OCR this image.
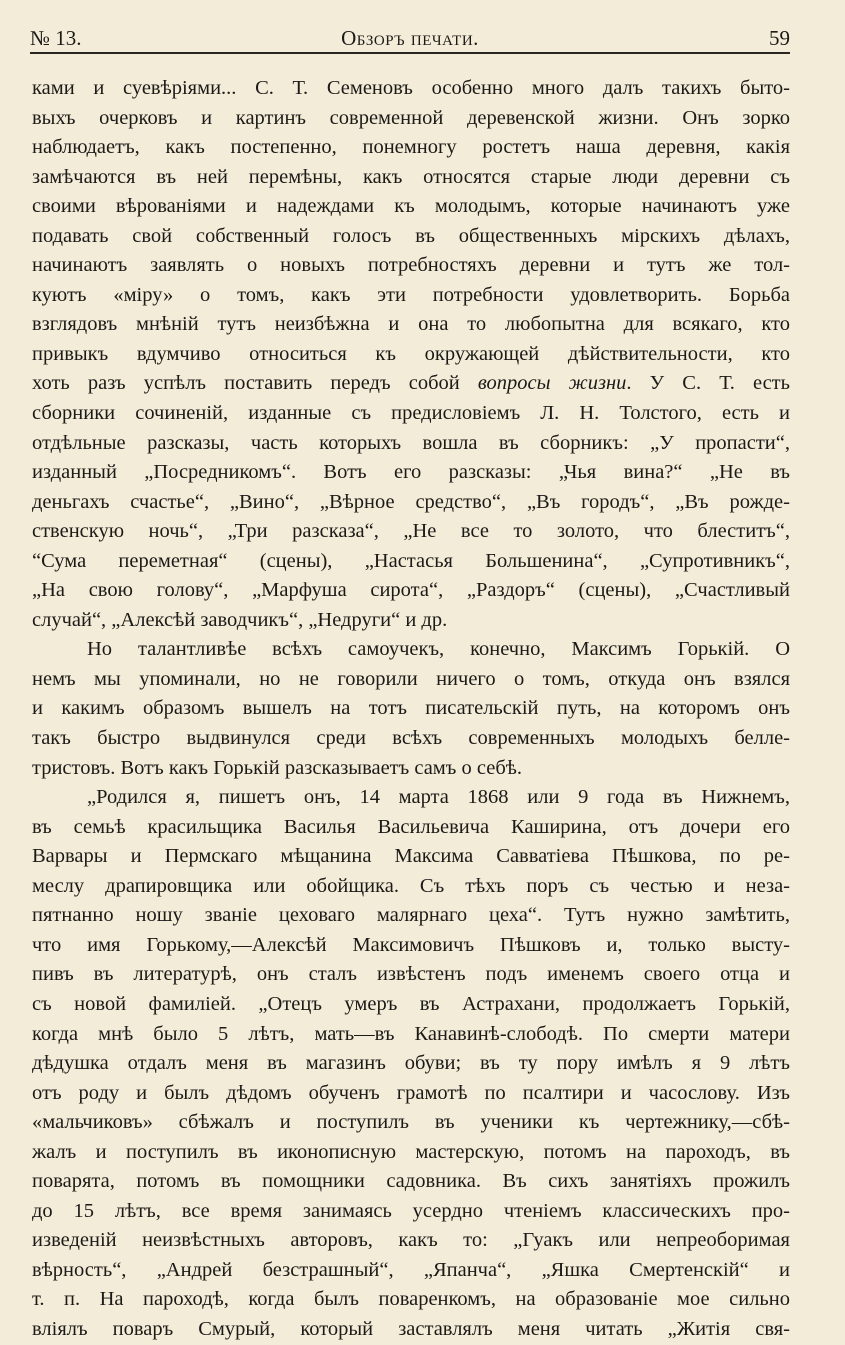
№ 13.	Обзоръ печати.	59
ками и суевѣріями... С. Т. Семеновъ особенно много далъ такихъ быто-
выхъ очерковъ и картинъ современной деревенской жизни. Онъ зорко
наблюдаетъ, какъ постепенно, понемногу ростетъ наша деревня, какія
замѣчаются въ ней перемѣны, какъ относятся старые люди деревни съ
своими вѣрованіями и надеждами къ молодымъ, которые начинаютъ уже
подавать свой собственный голосъ въ общественныхъ мірскихъ дѣлахъ,
начинаютъ заявлять о новыхъ потребностяхъ деревни и тутъ же тол-
куютъ «міру» о томъ, какъ эти потребности удовлетворить. Борьба
взглядовъ мнѣній тутъ неизбѣжна и она то любопытна для всякаго, кто
привыкъ вдумчиво относиться къ окружающей дѣйствительности, кто
хоть разъ успѣлъ поставить передъ собой вопросы жизни. У С. Т. есть
сборники сочиненій, изданные съ предисловіемъ Л. Н. Толстого, есть и
отдѣльные разсказы, часть которыхъ вошла въ сборникъ: „У пропасти“,
изданный „Посредникомъ“. Вотъ его разсказы: „Чья вина?“ „Не въ
деньгахъ счастье“, „Вино“, „Вѣрное средство“, „Въ городъ“, „Въ рожде-
ственскую ночь“, „Три разсказа“, „Не все то золото, что блеститъ“,
“Сума переметная“ (сцены), „Настасья Большенина“, „Супротивникъ“,
„На свою голову“, „Марфуша сирота“, „Раздоръ“ (сцены), „Счастливый
случай“, „Алексѣй заводчикъ“, „Недруги“ и др.
Но талантливѣе всѣхъ самоучекъ, конечно, Максимъ Горькій. О
немъ мы упоминали, но не говорили ничего о томъ, откуда онъ взялся
и какимъ образомъ вышелъ на тотъ писательскій путь, на которомъ онъ
такъ быстро выдвинулся среди всѣхъ современныхъ молодыхъ белле-
тристовъ. Вотъ какъ Горькій разсказываетъ самъ о себѣ.
„Родился я, пишетъ онъ, 14 марта 1868 или 9 года въ Нижнемъ,
въ семьѣ красильщика Василья Васильевича Каширина, отъ дочери его
Варвары и Пермскаго мѣщанина Максима Савватіева Пѣшкова, по ре-
меслу драпировщика или обойщика. Съ тѣхъ поръ съ честью и неза-
пятнанно ношу званіе цеховаго малярнаго цеха“. Тутъ нужно замѣтить,
что имя Горькому,—Алексѣй Максимовичъ Пѣшковъ и, только высту-
пивъ въ литературѣ, онъ сталъ извѣстенъ подъ именемъ своего отца и
съ новой фамиліей. „Отецъ умеръ въ Астрахани, продолжаетъ Горькій,
когда мнѣ было 5 лѣтъ, мать—въ Канавинѣ-слободѣ. По смерти матери
дѣдушка отдалъ меня въ магазинъ обуви; въ ту пору имѣлъ я 9 лѣтъ
отъ роду и былъ дѣдомъ обученъ грамотѣ по псалтири и часослову. Изъ
«мальчиковъ» сбѣжалъ и поступилъ въ ученики къ чертежнику,—сбѣ-
жалъ и поступилъ въ иконописную мастерскую, потомъ на пароходъ, въ
поварята, потомъ въ помощники садовника. Въ сихъ занятіяхъ прожилъ
до 15 лѣтъ, все время занимаясь усердно чтеніемъ классическихъ про-
изведеній неизвѣстныхъ авторовъ, какъ то: „Гуакъ или непреоборимая
вѣрность“, „Андрей безстрашный“, „Япанча“, „Яшка Смертенскій“ и
т. п. На пароходѣ, когда былъ поваренкомъ, на образованіе мое сильно
вліялъ поваръ Смурый, который заставлялъ меня читать „Житія свя-
